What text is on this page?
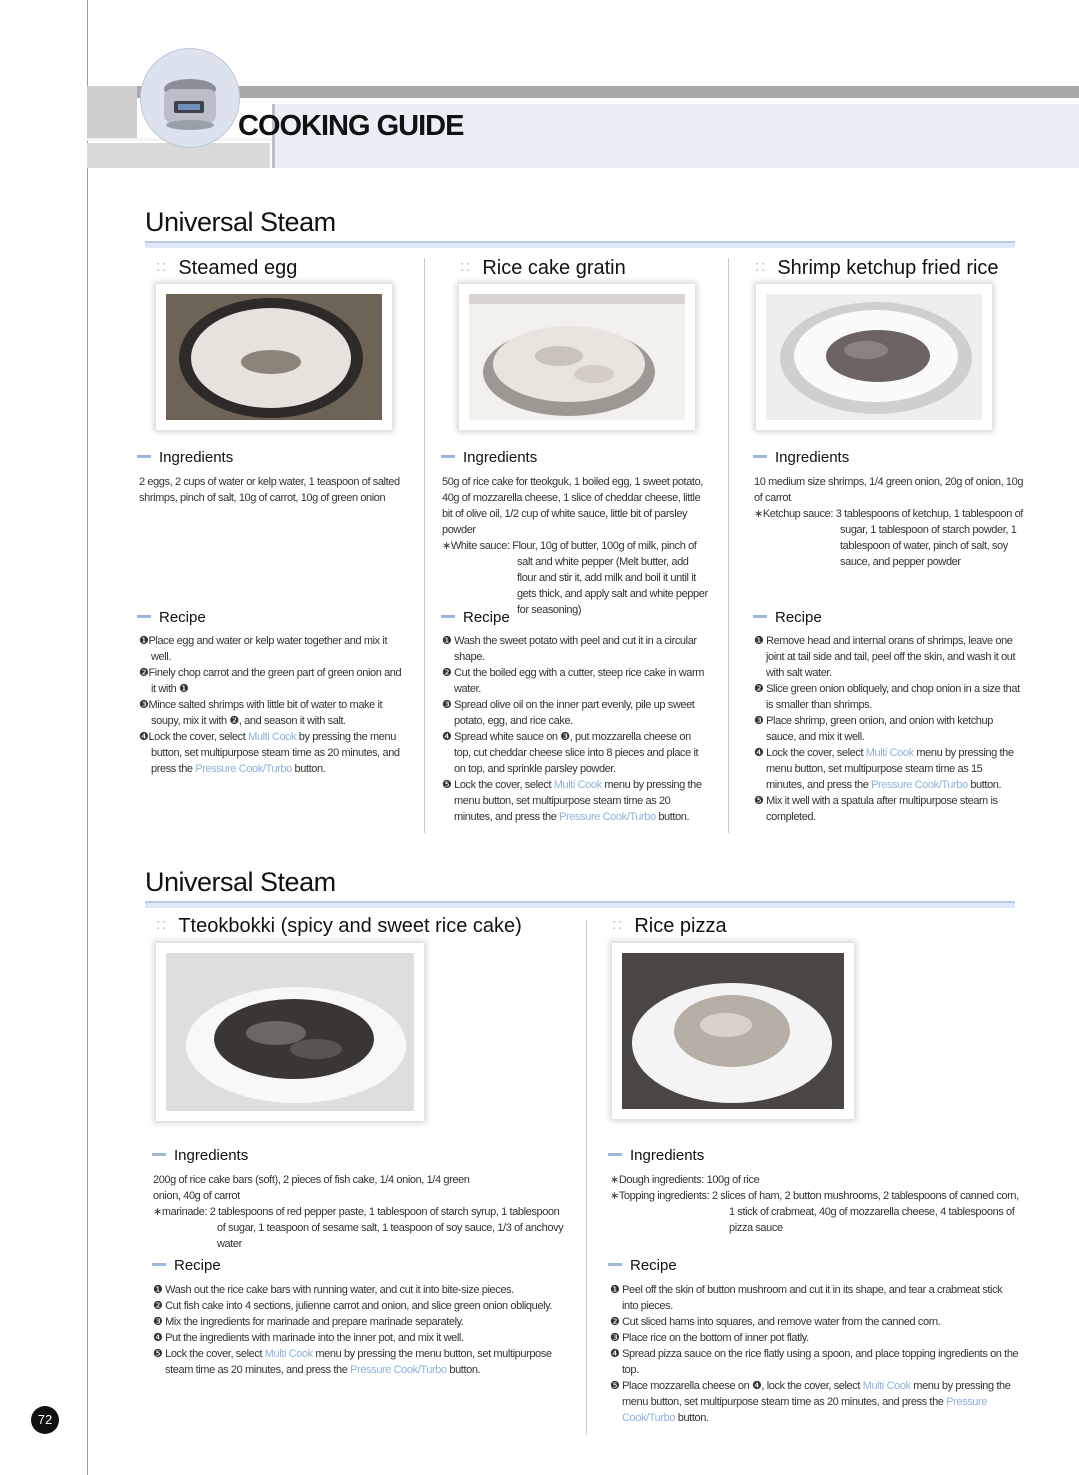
COOKING GUIDE
Universal Steam
:: Steamed egg
Ingredients

2 eggs, 2 cups of water or kelp water, 1 teaspoon of salted shrimps, pinch of salt, 10g of carrot, 10g of green onion

Recipe

❶Place egg and water or kelp water together and mix it well.

❷Finely chop carrot and the green part of green onion and it with ❶

❸Mince salted shrimps with little bit of water to make it soupy, mix it with ❷, and season it with salt.

❹Lock the cover, select Multi Cook by pressing the menu button, set multipurpose steam time as 20 minutes, and press the Pressure Cook/Turbo button.

:: Rice cake gratin
Ingredients

50g of rice cake for tteokguk, 1 boiled egg, 1 sweet potato, 40g of mozzarella cheese, 1 slice of cheddar cheese, little bit of olive oil, 1/2 cup of white sauce, little bit of parsley powder

∗White sauce: Flour, 10g of butter, 100g of milk, pinch of salt and white pepper (Melt butter, add flour and stir it, add milk and boil it until it gets thick, and apply salt and white pepper for seasoning)

Recipe

❶ Wash the sweet potato with peel and cut it in a circular shape.

❷ Cut the boiled egg with a cutter, steep rice cake in warm water.

❸ Spread olive oil on the inner part evenly, pile up sweet potato, egg, and rice cake.

❹ Spread white sauce on ❸, put mozzarella cheese on top, cut cheddar cheese slice into 8 pieces and place it on top, and sprinkle parsley powder.

❺ Lock the cover, select Multi Cook menu by pressing the menu button, set multipurpose steam time as 20 minutes, and press the Pressure Cook/Turbo button.

:: Shrimp ketchup fried rice
Ingredients

10 medium size shrimps, 1/4 green onion, 20g of onion, 10g of carrot

∗Ketchup sauce: 3 tablespoons of ketchup, 1 tablespoon of sugar, 1 tablespoon of starch powder, 1 tablespoon of water, pinch of salt, soy sauce, and pepper powder

Recipe

❶ Remove head and internal orans of shrimps, leave one joint at tail side and tail, peel off the skin, and wash it out with salt water.

❷ Slice green onion obliquely, and chop onion in a size that is smaller than shrimps.

❸ Place shrimp, green onion, and onion with ketchup sauce, and mix it well.

❹ Lock the cover, select Multi Cook menu by pressing the menu button, set multipurpose steam time as 15 minutes, and press the Pressure Cook/Turbo button.

❺ Mix it well with a spatula after multipurpose steam is completed.

Universal Steam
:: Tteokbokki (spicy and sweet rice cake)
Ingredients

200g of rice cake bars (soft), 2 pieces of fish cake, 1/4 onion, 1/4 green onion, 40g of carrot

∗marinade: 2 tablespoons of red pepper paste, 1 tablespoon of starch syrup, 1 tablespoon of sugar, 1 teaspoon of sesame salt, 1 teaspoon of soy sauce, 1/3 of anchovy water

Recipe

❶ Wash out the rice cake bars with running water, and cut it into bite-size pieces.

❷ Cut fish cake into 4 sections, julienne carrot and onion, and slice green onion obliquely.

❸ Mix the ingredients for marinade and prepare marinade separately.

❹ Put the ingredients with marinade into the inner pot, and mix it well.

❺ Lock the cover, select Multi Cook menu by pressing the menu button, set multipurpose steam time as 20 minutes, and press the Pressure Cook/Turbo button.

:: Rice pizza
Ingredients

∗Dough ingredients: 100g of rice

∗Topping ingredients: 2 slices of ham, 2 button mushrooms, 2 tablespoons of canned corn, 1 stick of crabmeat, 40g of mozzarella cheese, 4 tablespoons of pizza sauce

Recipe

❶ Peel off the skin of button mushroom and cut it in its shape, and tear a crabmeat stick into pieces.

❷ Cut sliced hams into squares, and remove water from the canned corn.

❸ Place rice on the bottom of inner pot flatly.

❹ Spread pizza sauce on the rice flatly using a spoon, and place topping ingredients on the top.

❺ Place mozzarella cheese on ❹, lock the cover, select Multi Cook menu by pressing the menu button, set multipurpose steam time as 20 minutes, and press the Pressure Cook/Turbo button.

72
